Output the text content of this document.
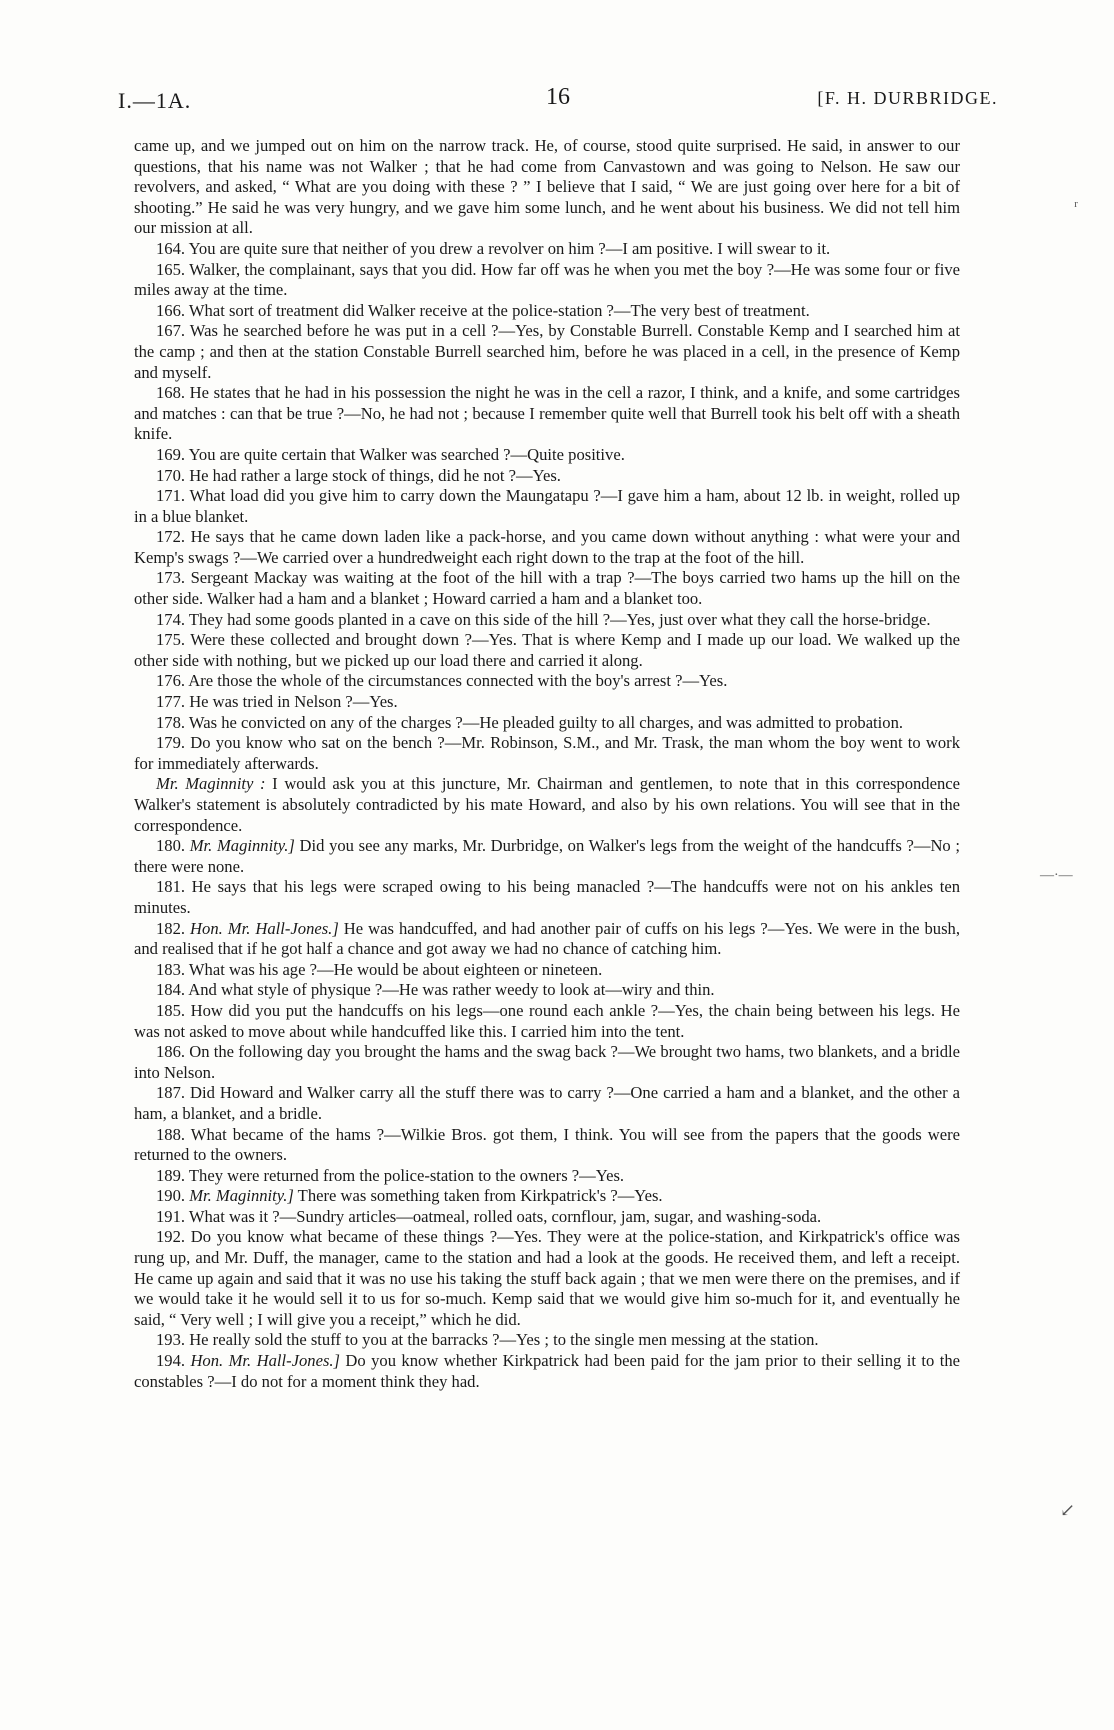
I.—1A.	16	[F. H. DURBRIDGE.

came up, and we jumped out on him on the narrow track. He, of course, stood quite surprised. He said, in answer to our questions, that his name was not Walker ; that he had come from Canvastown and was going to Nelson. He saw our revolvers, and asked, “ What are you doing with these ? ” I believe that I said, “ We are just going over here for a bit of shooting.” He said he was very hungry, and we gave him some lunch, and he went about his business. We did not tell him our mission at all.

164. You are quite sure that neither of you drew a revolver on him ?—I am positive. I will swear to it.

165. Walker, the complainant, says that you did. How far off was he when you met the boy ?—He was some four or five miles away at the time.

166. What sort of treatment did Walker receive at the police-station ?—The very best of treatment.

167. Was he searched before he was put in a cell ?—Yes, by Constable Burrell. Constable Kemp and I searched him at the camp ; and then at the station Constable Burrell searched him, before he was placed in a cell, in the presence of Kemp and myself.

168. He states that he had in his possession the night he was in the cell a razor, I think, and a knife, and some cartridges and matches : can that be true ?—No, he had not ; because I remember quite well that Burrell took his belt off with a sheath knife.

169. You are quite certain that Walker was searched ?—Quite positive.

170. He had rather a large stock of things, did he not ?—Yes.

171. What load did you give him to carry down the Maungatapu ?—I gave him a ham, about 12 lb. in weight, rolled up in a blue blanket.

172. He says that he came down laden like a pack-horse, and you came down without anything : what were your and Kemp's swags ?—We carried over a hundredweight each right down to the trap at the foot of the hill.

173. Sergeant Mackay was waiting at the foot of the hill with a trap ?—The boys carried two hams up the hill on the other side. Walker had a ham and a blanket ; Howard carried a ham and a blanket too.

174. They had some goods planted in a cave on this side of the hill ?—Yes, just over what they call the horse-bridge.

175. Were these collected and brought down ?—Yes. That is where Kemp and I made up our load. We walked up the other side with nothing, but we picked up our load there and carried it along.

176. Are those the whole of the circumstances connected with the boy's arrest ?—Yes.

177. He was tried in Nelson ?—Yes.

178. Was he convicted on any of the charges ?—He pleaded guilty to all charges, and was admitted to probation.

179. Do you know who sat on the bench ?—Mr. Robinson, S.M., and Mr. Trask, the man whom the boy went to work for immediately afterwards.

Mr. Maginnity : I would ask you at this juncture, Mr. Chairman and gentlemen, to note that in this correspondence Walker's statement is absolutely contradicted by his mate Howard, and also by his own relations. You will see that in the correspondence.

180. Mr. Maginnity.] Did you see any marks, Mr. Durbridge, on Walker's legs from the weight of the handcuffs ?—No ; there were none.

181. He says that his legs were scraped owing to his being manacled ?—The handcuffs were not on his ankles ten minutes.

182. Hon. Mr. Hall-Jones.] He was handcuffed, and had another pair of cuffs on his legs ?—Yes. We were in the bush, and realised that if he got half a chance and got away we had no chance of catching him.

183. What was his age ?—He would be about eighteen or nineteen.

184. And what style of physique ?—He was rather weedy to look at—wiry and thin.

185. How did you put the handcuffs on his legs—one round each ankle ?—Yes, the chain being between his legs. He was not asked to move about while handcuffed like this. I carried him into the tent.

186. On the following day you brought the hams and the swag back ?—We brought two hams, two blankets, and a bridle into Nelson.

187. Did Howard and Walker carry all the stuff there was to carry ?—One carried a ham and a blanket, and the other a ham, a blanket, and a bridle.

188. What became of the hams ?—Wilkie Bros. got them, I think. You will see from the papers that the goods were returned to the owners.

189. They were returned from the police-station to the owners ?—Yes.

190. Mr. Maginnity.] There was something taken from Kirkpatrick's ?—Yes.

191. What was it ?—Sundry articles—oatmeal, rolled oats, cornflour, jam, sugar, and washing-soda.

192. Do you know what became of these things ?—Yes. They were at the police-station, and Kirkpatrick's office was rung up, and Mr. Duff, the manager, came to the station and had a look at the goods. He received them, and left a receipt. He came up again and said that it was no use his taking the stuff back again ; that we men were there on the premises, and if we would take it he would sell it to us for so-much. Kemp said that we would give him so-much for it, and eventually he said, “ Very well ; I will give you a receipt,” which he did.

193. He really sold the stuff to you at the barracks ?—Yes ; to the single men messing at the station.

194. Hon. Mr. Hall-Jones.] Do you know whether Kirkpatrick had been paid for the jam prior to their selling it to the constables ?—I do not for a moment think they had.

ʳ
—·—
↙
